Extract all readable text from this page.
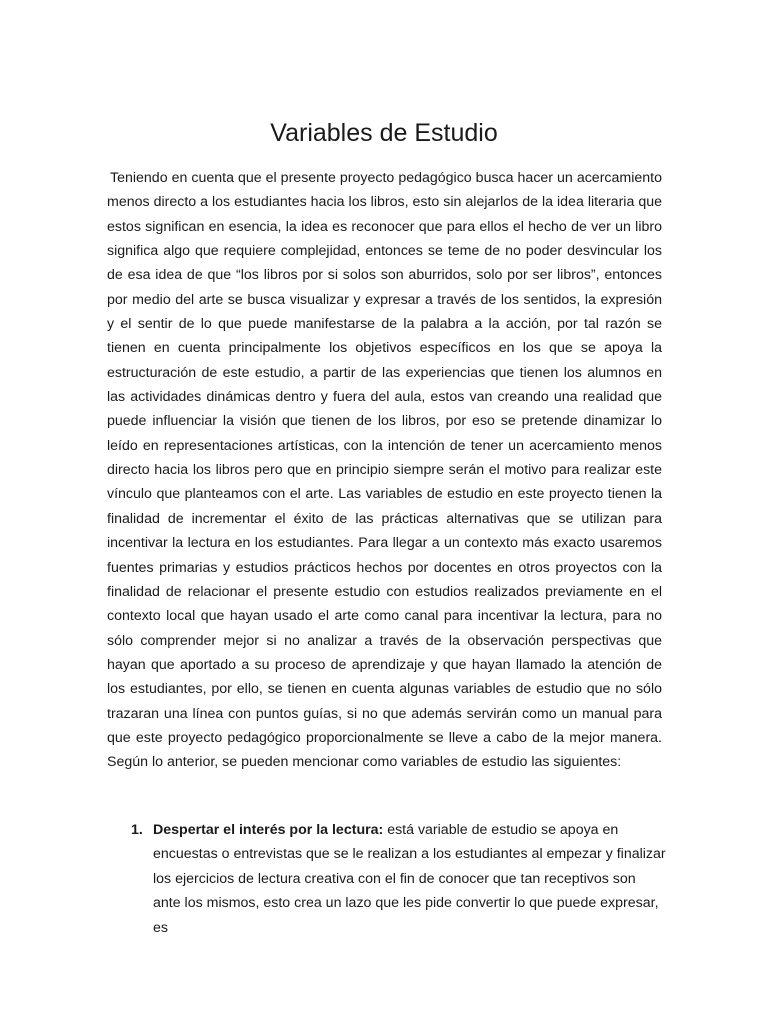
Variables de Estudio

Teniendo en cuenta que el presente proyecto pedagógico busca hacer un acercamiento menos directo a los estudiantes hacia los libros, esto sin alejarlos de la idea literaria que estos significan en esencia, la idea es reconocer que para ellos el hecho de ver un libro significa algo que requiere complejidad, entonces se teme de no poder desvincular los de esa idea de que “los libros por si solos son aburridos, solo por ser libros”, entonces por medio del arte se busca visualizar y expresar a través de los sentidos, la expresión y el sentir de lo que puede manifestarse de la palabra a la acción, por tal razón se tienen en cuenta principalmente los objetivos específicos en los que se apoya la estructuración de este estudio, a partir de las experiencias que tienen los alumnos en las actividades dinámicas dentro y fuera del aula, estos van creando una realidad que puede influenciar la visión que tienen de los libros, por eso se pretende dinamizar lo leído en representaciones artísticas, con la intención de tener un acercamiento menos directo hacia los libros pero que en principio siempre serán el motivo para realizar este vínculo que planteamos con el arte. Las variables de estudio en este proyecto tienen la finalidad de incrementar el éxito de las prácticas alternativas que se utilizan para incentivar la lectura en los estudiantes. Para llegar a un contexto más exacto usaremos fuentes primarias y estudios prácticos hechos por docentes en otros proyectos con la finalidad de relacionar el presente estudio con estudios realizados previamente en el contexto local que hayan usado el arte como canal para incentivar la lectura, para no sólo comprender mejor si no analizar a través de la observación perspectivas que hayan que aportado a su proceso de aprendizaje y que hayan llamado la atención de los estudiantes, por ello, se tienen en cuenta algunas variables de estudio que no sólo trazaran una línea con puntos guías, si no que además servirán como un manual para que este proyecto pedagógico proporcionalmente se lleve a cabo de la mejor manera. Según lo anterior, se pueden mencionar como variables de estudio las siguientes:

1. Despertar el interés por la lectura: está variable de estudio se apoya en encuestas o entrevistas que se le realizan a los estudiantes al empezar y finalizar los ejercicios de lectura creativa con el fin de conocer que tan receptivos son ante los mismos, esto crea un lazo que les pide convertir lo que puede expresar, es
